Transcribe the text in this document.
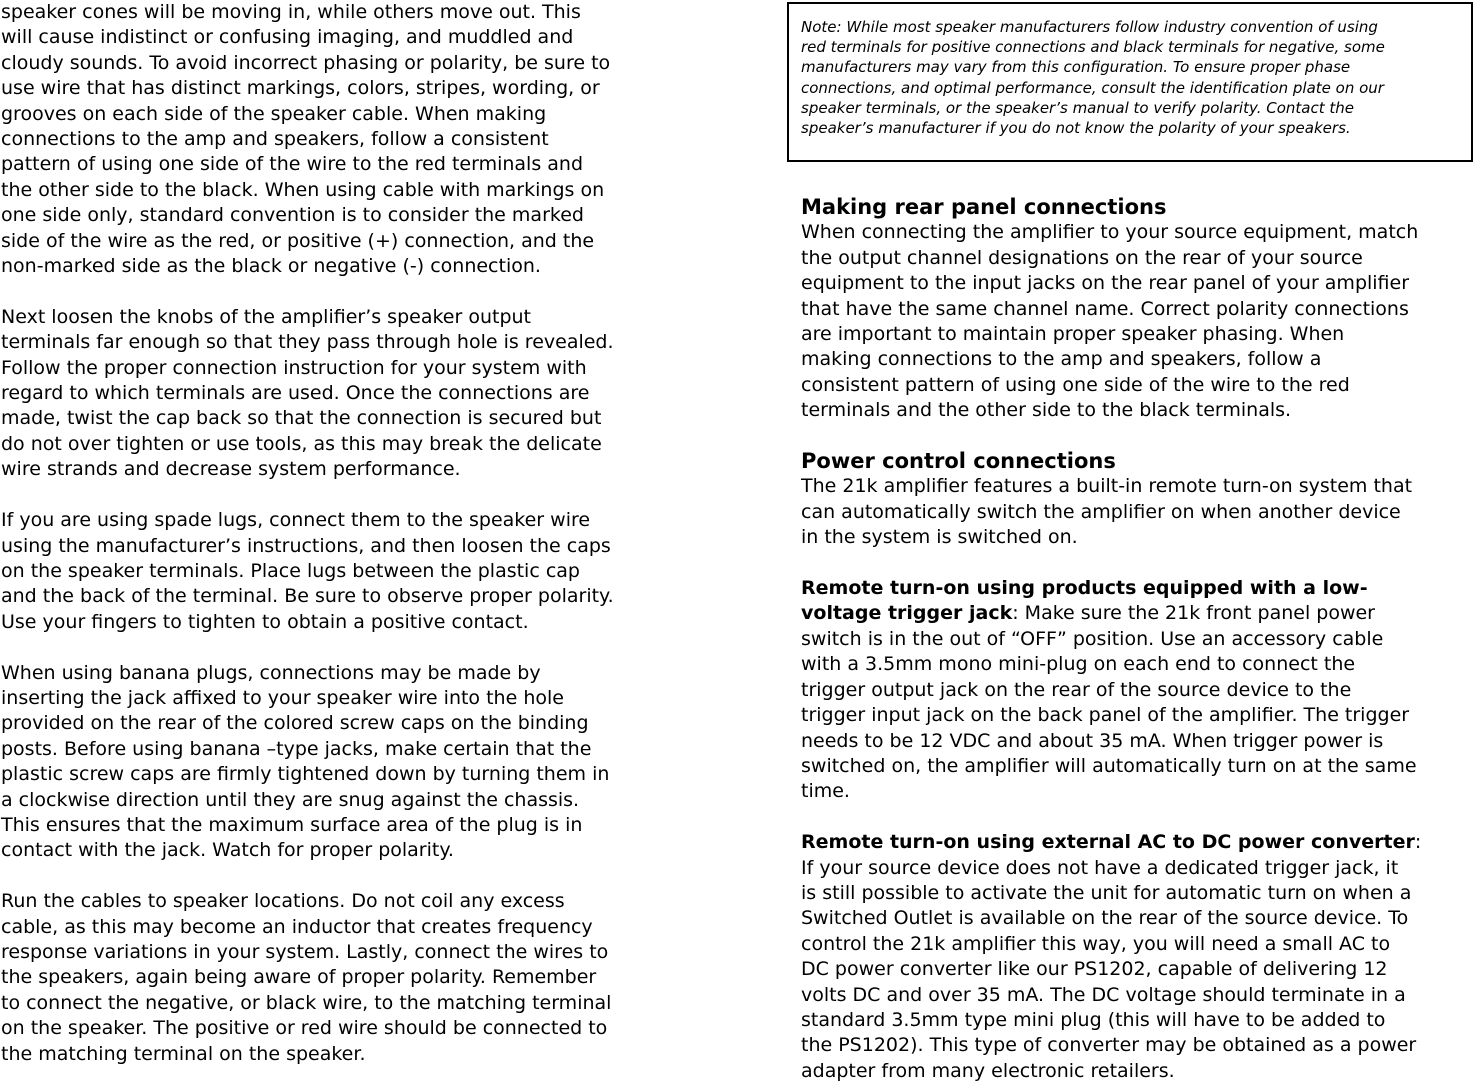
speaker cones will be moving in, while others move out. This
will cause indistinct or confusing imaging, and muddled and
cloudy sounds. To avoid incorrect phasing or polarity, be sure to
use wire that has distinct markings, colors, stripes, wording, or
grooves on each side of the speaker cable. When making
connections to the amp and speakers, follow a consistent
pattern of using one side of the wire to the red terminals and
the other side to the black. When using cable with markings on
one side only, standard convention is to consider the marked
side of the wire as the red, or positive (+) connection, and the
non-marked side as the black or negative (-) connection.

Next loosen the knobs of the amplifier’s speaker output
terminals far enough so that they pass through hole is revealed.
Follow the proper connection instruction for your system with
regard to which terminals are used. Once the connections are
made, twist the cap back so that the connection is secured but
do not over tighten or use tools, as this may break the delicate
wire strands and decrease system performance.

If you are using spade lugs, connect them to the speaker wire
using the manufacturer’s instructions, and then loosen the caps
on the speaker terminals. Place lugs between the plastic cap
and the back of the terminal. Be sure to observe proper polarity.
Use your fingers to tighten to obtain a positive contact.

When using banana plugs, connections may be made by
inserting the jack affixed to your speaker wire into the hole
provided on the rear of the colored screw caps on the binding
posts. Before using banana –type jacks, make certain that the
plastic screw caps are firmly tightened down by turning them in
a clockwise direction until they are snug against the chassis.
This ensures that the maximum surface area of the plug is in
contact with the jack. Watch for proper polarity.

Run the cables to speaker locations. Do not coil any excess
cable, as this may become an inductor that creates frequency
response variations in your system. Lastly, connect the wires to
the speakers, again being aware of proper polarity. Remember
to connect the negative, or black wire, to the matching terminal
on the speaker. The positive or red wire should be connected to
the matching terminal on the speaker.

Note: While most speaker manufacturers follow industry convention of using
red terminals for positive connections and black terminals for negative, some
manufacturers may vary from this configuration. To ensure proper phase
connections, and optimal performance, consult the identification plate on our
speaker terminals, or the speaker’s manual to verify polarity. Contact the
speaker’s manufacturer if you do not know the polarity of your speakers.

Making rear panel connections

When connecting the amplifier to your source equipment, match
the output channel designations on the rear of your source
equipment to the input jacks on the rear panel of your amplifier
that have the same channel name. Correct polarity connections
are important to maintain proper speaker phasing. When
making connections to the amp and speakers, follow a
consistent pattern of using one side of the wire to the red
terminals and the other side to the black terminals.

Power control connections

The 21k amplifier features a built-in remote turn-on system that
can automatically switch the amplifier on when another device
in the system is switched on.

Remote turn-on using products equipped with a low-
voltage trigger jack: Make sure the 21k front panel power
switch is in the out of “OFF” position. Use an accessory cable
with a 3.5mm mono mini-plug on each end to connect the
trigger output jack on the rear of the source device to the
trigger input jack on the back panel of the amplifier. The trigger
needs to be 12 VDC and about 35 mA. When trigger power is
switched on, the amplifier will automatically turn on at the same
time.

Remote turn-on using external AC to DC power converter:
If your source device does not have a dedicated trigger jack, it
is still possible to activate the unit for automatic turn on when a
Switched Outlet is available on the rear of the source device. To
control the 21k amplifier this way, you will need a small AC to
DC power converter like our PS1202, capable of delivering 12
volts DC and over 35 mA. The DC voltage should terminate in a
standard 3.5mm type mini plug (this will have to be added to
the PS1202). This type of converter may be obtained as a power
adapter from many electronic retailers.
